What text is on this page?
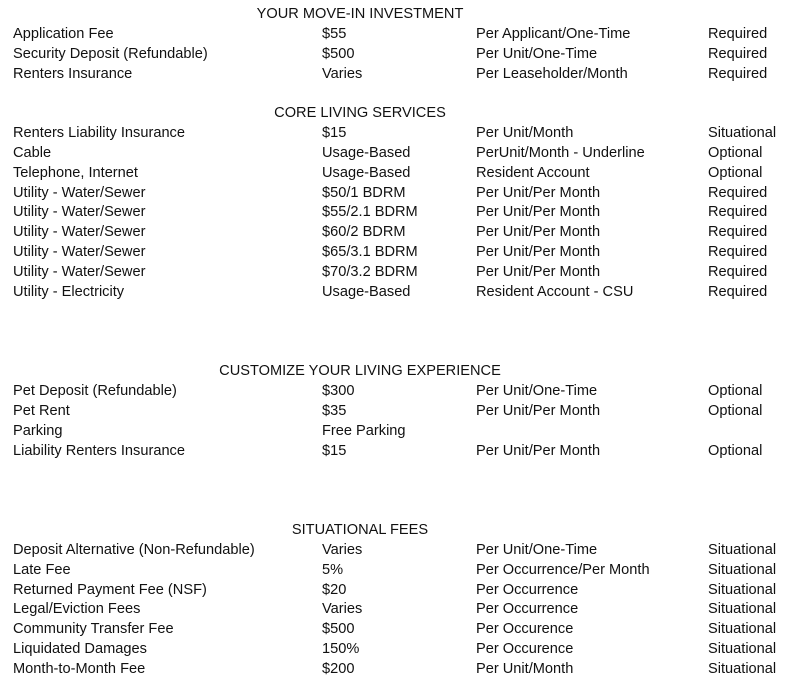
YOUR MOVE-IN INVESTMENT
Application Fee	$55	Per Applicant/One-Time	Required
Security Deposit (Refundable)	$500	Per Unit/One-Time	Required
Renters Insurance	Varies	Per Leaseholder/Month	Required
CORE LIVING SERVICES
Renters Liability Insurance	$15	Per Unit/Month	Situational
Cable	Usage-Based	PerUnit/Month - Underline	Optional
Telephone, Internet	Usage-Based	Resident Account	Optional
Utility - Water/Sewer	$50/1 BDRM	Per Unit/Per Month	Required
Utility - Water/Sewer	$55/2.1 BDRM	Per Unit/Per Month	Required
Utility - Water/Sewer	$60/2 BDRM	Per Unit/Per Month	Required
Utility - Water/Sewer	$65/3.1 BDRM	Per Unit/Per Month	Required
Utility - Water/Sewer	$70/3.2 BDRM	Per Unit/Per Month	Required
Utility - Electricity	Usage-Based	Resident Account - CSU	Required
CUSTOMIZE YOUR LIVING EXPERIENCE
Pet Deposit (Refundable)	$300	Per Unit/One-Time	Optional
Pet Rent	$35	Per Unit/Per Month	Optional
Parking	Free Parking
Liability Renters Insurance	$15	Per Unit/Per Month	Optional
SITUATIONAL FEES
Deposit Alternative (Non-Refundable)	Varies	Per Unit/One-Time	Situational
Late Fee	5%	Per Occurrence/Per Month	Situational
Returned Payment Fee (NSF)	$20	Per Occurrence	Situational
Legal/Eviction Fees	Varies	Per Occurrence	Situational
Community Transfer Fee	$500	Per Occurence	Situational
Liquidated Damages	150%	Per Occurence	Situational
Month-to-Month Fee	$200	Per Unit/Month	Situational
